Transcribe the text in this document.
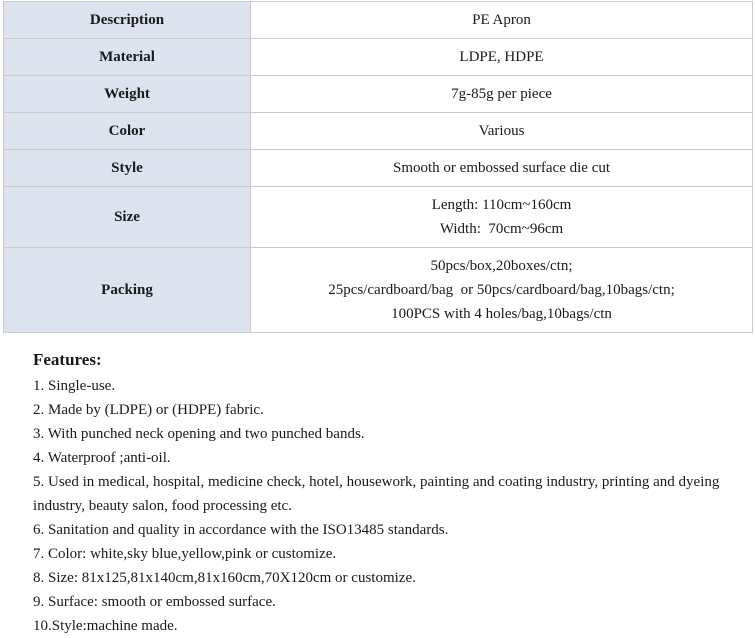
Description	PE Apron

Material	LDPE, HDPE

Weight	7g-85g per piece

Color	Various

Style	Smooth or embossed surface die cut

Size	Length: 110cm~160cm
Width:  70cm~96cm

Packing	50pcs/box,20boxes/ctn;
25pcs/cardboard/bag  or 50pcs/cardboard/bag,10bags/ctn;
100PCS with 4 holes/bag,10bags/ctn
Features:
1. Single-use.
2. Made by (LDPE) or (HDPE) fabric.
3. With punched neck opening and two punched bands.
4. Waterproof ;anti-oil.
5. Used in medical, hospital, medicine check, hotel, housework, painting and coating industry, printing and dyeing industry, beauty salon, food processing etc.
6. Sanitation and quality in accordance with the ISO13485 standards.
7. Color: white,sky blue,yellow,pink or customize.
8. Size: 81x125,81x140cm,81x160cm,70X120cm or customize.
9. Surface: smooth or embossed surface.
10.Style:machine made.
